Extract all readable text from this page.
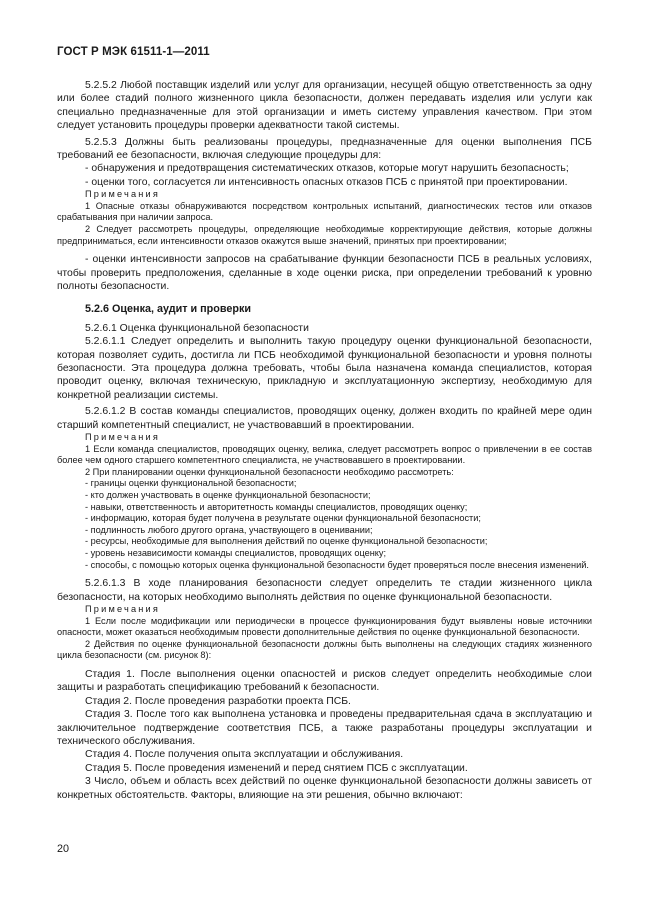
ГОСТ Р МЭК 61511-1—2011

5.2.5.2 Любой поставщик изделий или услуг для организации, несущей общую ответственность за одну или более стадий полного жизненного цикла безопасности, должен передавать изделия или услуги как специально предназначенные для этой организации и иметь систему управления качеством. При этом следует установить процедуры проверки адекватности такой системы.

5.2.5.3 Должны быть реализованы процедуры, предназначенные для оценки выполнения ПСБ требований ее безопасности, включая следующие процедуры для:

- обнаружения и предотвращения систематических отказов, которые могут нарушить безопасность;

- оценки того, согласуется ли интенсивность опасных отказов ПСБ с принятой при проектировании.

Примечания

1 Опасные отказы обнаруживаются посредством контрольных испытаний, диагностических тестов или отказов срабатывания при наличии запроса.

2 Следует рассмотреть процедуры, определяющие необходимые корректирующие действия, которые должны предприниматься, если интенсивности отказов окажутся выше значений, принятых при проектировании;

- оценки интенсивности запросов на срабатывание функции безопасности ПСБ в реальных условиях, чтобы проверить предположения, сделанные в ходе оценки риска, при определении требований к уровню полноты безопасности.

5.2.6 Оценка, аудит и проверки

5.2.6.1 Оценка функциональной безопасности

5.2.6.1.1 Следует определить и выполнить такую процедуру оценки функциональной безопасности, которая позволяет судить, достигла ли ПСБ необходимой функциональной безопасности и уровня полноты безопасности. Эта процедура должна требовать, чтобы была назначена команда специалистов, которая проводит оценку, включая техническую, прикладную и эксплуатационную экспертизу, необходимую для конкретной реализации системы.

5.2.6.1.2 В состав команды специалистов, проводящих оценку, должен входить по крайней мере один старший компетентный специалист, не участвовавший в проектировании.

Примечания

1 Если команда специалистов, проводящих оценку, велика, следует рассмотреть вопрос о привлечении в ее состав более чем одного старшего компетентного специалиста, не участвовавшего в проектировании.

2 При планировании оценки функциональной безопасности необходимо рассмотреть:

- границы оценки функциональной безопасности;

- кто должен участвовать в оценке функциональной безопасности;

- навыки, ответственность и авторитетность команды специалистов, проводящих оценку;

- информацию, которая будет получена в результате оценки функциональной безопасности;

- подлинность любого другого органа, участвующего в оценивании;

- ресурсы, необходимые для выполнения действий по оценке функциональной безопасности;

- уровень независимости команды специалистов, проводящих оценку;

- способы, с помощью которых оценка функциональной безопасности будет проверяться после внесения изменений.

5.2.6.1.3 В ходе планирования безопасности следует определить те стадии жизненного цикла безопасности, на которых необходимо выполнять действия по оценке функциональной безопасности.

Примечания

1 Если после модификации или периодически в процессе функционирования будут выявлены новые источники опасности, может оказаться необходимым провести дополнительные действия по оценке функциональной безопасности.

2 Действия по оценке функциональной безопасности должны быть выполнены на следующих стадиях жизненного цикла безопасности (см. рисунок 8):

Стадия 1. После выполнения оценки опасностей и рисков следует определить необходимые слои защиты и разработать спецификацию требований к безопасности.

Стадия 2. После проведения разработки проекта ПСБ.

Стадия 3. После того как выполнена установка и проведены предварительная сдача в эксплуатацию и заключительное подтверждение соответствия ПСБ, а также разработаны процедуры эксплуатации и технического обслуживания.

Стадия 4. После получения опыта эксплуатации и обслуживания.

Стадия 5. После проведения изменений и перед снятием ПСБ с эксплуатации.

3 Число, объем и область всех действий по оценке функциональной безопасности должны зависеть от конкретных обстоятельств. Факторы, влияющие на эти решения, обычно включают:

20
